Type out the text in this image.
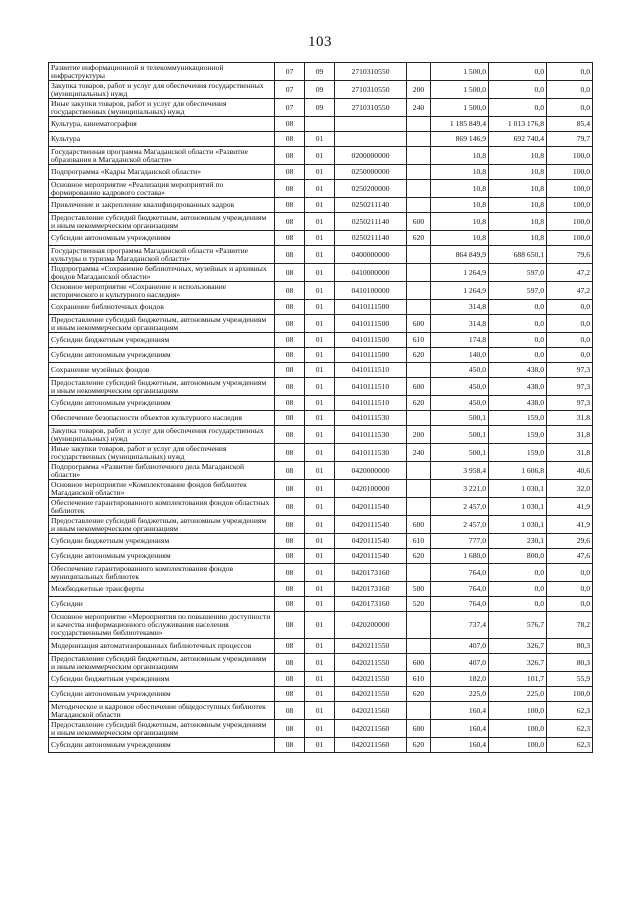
103
Развитие информационной и телекоммуникационной инфраструктуры	07	09	2710310550		1 500,0	0,0	0,0
Закупка товаров, работ и услуг для обеспечения государственных (муниципальных) нужд	07	09	2710310550	200	1 500,0	0,0	0,0
Иные закупки товаров, работ и услуг для обеспечения государственных (муниципальных) нужд	07	09	2710310550	240	1 500,0	0,0	0,0
Культура, кинематография	08				1 185 849,4	1 013 176,8	85,4
Культура	08	01			869 146,9	692 740,4	79,7
Государственная программа Магаданской области «Развитие образования в Магаданской области»	08	01	0200000000		10,8	10,8	100,0
Подпрограмма «Кадры Магаданской области»	08	01	0250000000		10,8	10,8	100,0
Основное мероприятие «Реализация мероприятий по формированию кадрового состава»	08	01	0250200000		10,8	10,8	100,0
Привлечение и закрепление квалифицированных кадров	08	01	0250211140		10,8	10,8	100,0
Предоставление субсидий бюджетным, автономным учреждениям и иным некоммерческим организациям	08	01	0250211140	600	10,8	10,8	100,0
Субсидии автономным учреждениям	08	01	0250211140	620	10,8	10,8	100,0
Государственная программа Магаданской области «Развитие культуры и туризма Магаданской области»	08	01	0400000000		864 849,9	688 650,1	79,6
Подпрограмма «Сохранение библиотечных, музейных и архивных фондов Магаданской области»	08	01	0410000000		1 264,9	597,0	47,2
Основное мероприятие «Сохранение и использование исторического и культурного наследия»	08	01	0410100000		1 264,9	597,0	47,2
Сохранение библиотечных фондов	08	01	0410111500		314,8	0,0	0,0
Предоставление субсидий бюджетным, автономным учреждениям и иным некоммерческим организациям	08	01	0410111500	600	314,8	0,0	0,0
Субсидии бюджетным учреждениям	08	01	0410111500	610	174,8	0,0	0,0
Субсидии автономным учреждениям	08	01	0410111500	620	140,0	0,0	0,0
Сохранение музейных фондов	08	01	0410111510		450,0	438,0	97,3
Предоставление субсидий бюджетным, автономным учреждениям и иным некоммерческим организациям	08	01	0410111510	600	450,0	438,0	97,3
Субсидии автономным учреждениям	08	01	0410111510	620	450,0	438,0	97,3
Обеспечение безопасности объектов культурного наследия	08	01	0410111530		500,1	159,0	31,8
Закупка товаров, работ и услуг для обеспечения государственных (муниципальных) нужд	08	01	0410111530	200	500,1	159,0	31,8
Иные закупки товаров, работ и услуг для обеспечения государственных (муниципальных) нужд	08	01	0410111530	240	500,1	159,0	31,8
Подпрограмма «Развитие библиотечного дела Магаданской области»	08	01	0420000000		3 958,4	1 606,8	40,6
Основное мероприятие «Комплектование фондов библиотек Магаданской области»	08	01	0420100000		3 221,0	1 030,1	32,0
Обеспечение гарантированного комплектования фондов областных библиотек	08	01	0420111540		2 457,0	1 030,1	41,9
Предоставление субсидий бюджетным, автономным учреждениям и иным некоммерческим организациям	08	01	0420111540	600	2 457,0	1 030,1	41,9
Субсидии бюджетным учреждениям	08	01	0420111540	610	777,0	230,1	29,6
Субсидии автономным учреждениям	08	01	0420111540	620	1 680,0	800,0	47,6
Обеспечение гарантированного комплектования фондов муниципальных библиотек	08	01	0420173160		764,0	0,0	0,0
Межбюджетные трансферты	08	01	0420173160	500	764,0	0,0	0,0
Субсидии	08	01	0420173160	520	764,0	0,0	0,0
Основное мероприятие «Мероприятия по повышению доступности и качества информационного обслуживания населения государственными библиотеками»	08	01	0420200000		737,4	576,7	78,2
Модернизация автоматизированных библиотечных процессов	08	01	0420211550		407,0	326,7	80,3
Предоставление субсидий бюджетным, автономным учреждениям и иным некоммерческим организациям	08	01	0420211550	600	407,0	326,7	80,3
Субсидии бюджетным учреждениям	08	01	0420211550	610	182,0	101,7	55,9
Субсидии автономным учреждениям	08	01	0420211550	620	225,0	225,0	100,0
Методическое и кадровое обеспечение общедоступных библиотек Магаданской области	08	01	0420211560		160,4	100,0	62,3
Предоставление субсидий бюджетным, автономным учреждениям и иным некоммерческим организациям	08	01	0420211560	600	160,4	100,0	62,3
Субсидии автономным учреждениям	08	01	0420211560	620	160,4	100,0	62,3
